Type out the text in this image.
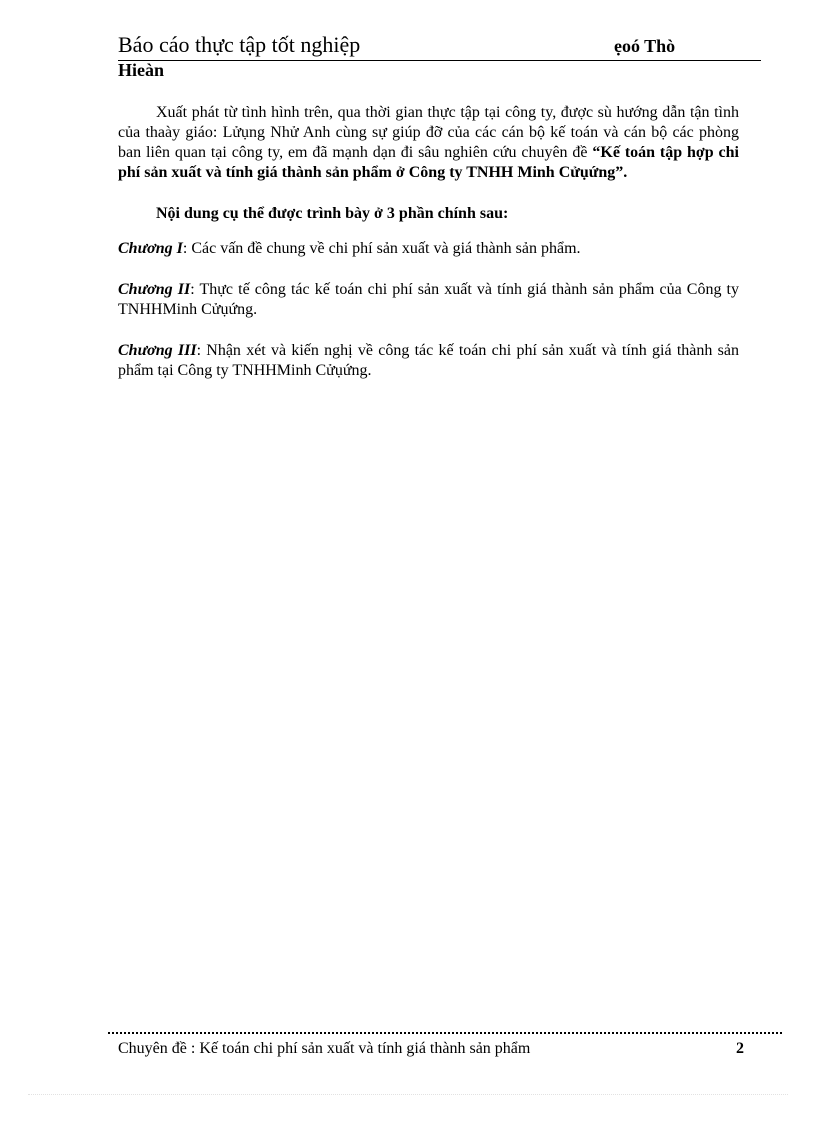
Báo cáo thực tập tốt nghiệp	ẹoó Thò
Hieàn

Xuất phát từ tình hình trên, qua thời gian thực tập tại công ty, được sù hướng dẫn tận tình của thaày giáo: Lửụng Nhử Anh cùng sự giúp đỡ của các cán bộ kế toán và cán bộ các phòng ban liên quan tại công ty, em đã mạnh dạn đi sâu nghiên cứu chuyên đề “Kế toán tập hợp chi phí sản xuất và tính giá thành sản phẩm ở Công ty TNHH Minh Cửụứng”.

Nội dung cụ thể được trình bày ở 3 phần chính sau:

Chương I: Các vấn đề chung về chi phí sản xuất và giá thành sản phẩm.

Chương II: Thực tế công tác kế toán chi phí sản xuất và tính giá thành sản phẩm của Công ty TNHHMinh Cửụứng.

Chương III: Nhận xét và kiến nghị về công tác kế toán chi phí sản xuất và tính giá thành sản phẩm tại Công ty TNHHMinh Cửụứng.

Chuyên đề : Kế toán chi phí sản xuất và tính giá thành sản phẩm	2
